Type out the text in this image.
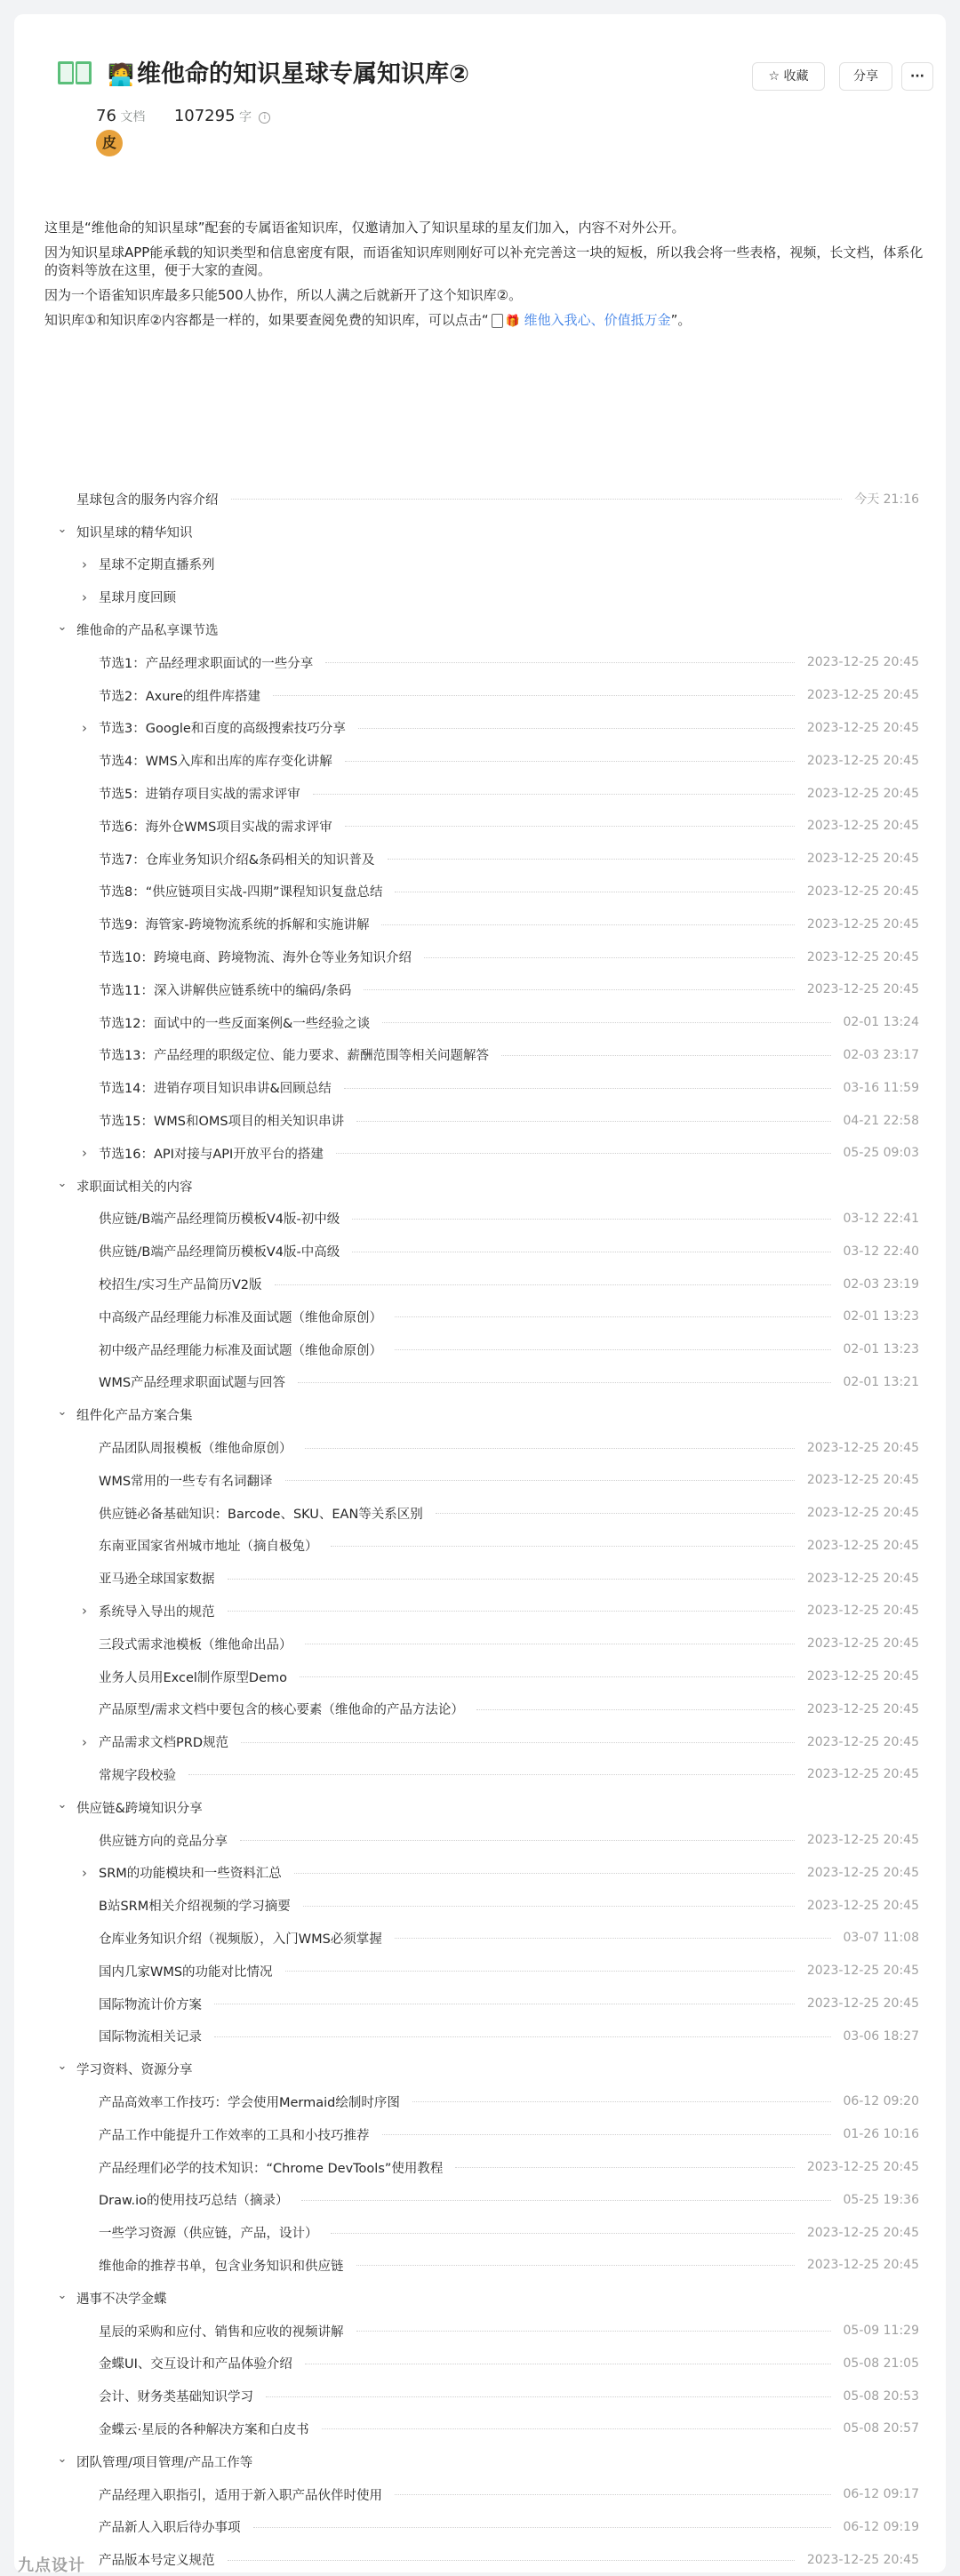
🧑‍💻 维他命的知识星球专属知识库②	☆ 收藏	分享	···
76 文档 107295 字 i
皮

这里是“维他命的知识星球”配套的专属语雀知识库，仅邀请加入了知识星球的星友们加入，内容不对外公开。

因为知识星球APP能承载的知识类型和信息密度有限，而语雀知识库则刚好可以补充完善这一块的短板，所以我会将一些表格，视频，长文档，体系化的资料等放在这里，便于大家的查阅。

因为一个语雀知识库最多只能500人协作，所以人满之后就新开了这个知识库②。

知识库①和知识库②内容都是一样的，如果要查阅免费的知识库，可以点击“ 🎁 维他入我心、价值抵万金”。

星球包含的服务内容介绍	今天 21:16
⌄ 知识星球的精华知识
› 星球不定期直播系列
› 星球月度回顾
⌄ 维他命的产品私享课节选
节选1：产品经理求职面试的一些分享	2023-12-25 20:45
节选2：Axure的组件库搭建	2023-12-25 20:45
› 节选3：Google和百度的高级搜索技巧分享	2023-12-25 20:45
节选4：WMS入库和出库的库存变化讲解	2023-12-25 20:45
节选5：进销存项目实战的需求评审	2023-12-25 20:45
节选6：海外仓WMS项目实战的需求评审	2023-12-25 20:45
节选7：仓库业务知识介绍&条码相关的知识普及	2023-12-25 20:45
节选8：“供应链项目实战-四期”课程知识复盘总结	2023-12-25 20:45
节选9：海管家-跨境物流系统的拆解和实施讲解	2023-12-25 20:45
节选10：跨境电商、跨境物流、海外仓等业务知识介绍	2023-12-25 20:45
节选11：深入讲解供应链系统中的编码/条码	2023-12-25 20:45
节选12：面试中的一些反面案例&一些经验之谈	02-01 13:24
节选13：产品经理的职级定位、能力要求、薪酬范围等相关问题解答	02-03 23:17
节选14：进销存项目知识串讲&回顾总结	03-16 11:59
节选15：WMS和OMS项目的相关知识串讲	04-21 22:58
› 节选16：API对接与API开放平台的搭建	05-25 09:03
⌄ 求职面试相关的内容
供应链/B端产品经理简历模板V4版-初中级	03-12 22:41
供应链/B端产品经理简历模板V4版-中高级	03-12 22:40
校招生/实习生产品简历V2版	02-03 23:19
中高级产品经理能力标准及面试题（维他命原创）	02-01 13:23
初中级产品经理能力标准及面试题（维他命原创）	02-01 13:23
WMS产品经理求职面试题与回答	02-01 13:21
⌄ 组件化产品方案合集
产品团队周报模板（维他命原创）	2023-12-25 20:45
WMS常用的一些专有名词翻译	2023-12-25 20:45
供应链必备基础知识：Barcode、SKU、EAN等关系区别	2023-12-25 20:45
东南亚国家省州城市地址（摘自极兔）	2023-12-25 20:45
亚马逊全球国家数据	2023-12-25 20:45
› 系统导入导出的规范	2023-12-25 20:45
三段式需求池模板（维他命出品）	2023-12-25 20:45
业务人员用Excel制作原型Demo	2023-12-25 20:45
产品原型/需求文档中要包含的核心要素（维他命的产品方法论）	2023-12-25 20:45
› 产品需求文档PRD规范	2023-12-25 20:45
常规字段校验	2023-12-25 20:45
⌄ 供应链&跨境知识分享
供应链方向的竞品分享	2023-12-25 20:45
› SRM的功能模块和一些资料汇总	2023-12-25 20:45
B站SRM相关介绍视频的学习摘要	2023-12-25 20:45
仓库业务知识介绍（视频版），入门WMS必须掌握	03-07 11:08
国内几家WMS的功能对比情况	2023-12-25 20:45
国际物流计价方案	2023-12-25 20:45
国际物流相关记录	03-06 18:27
⌄ 学习资料、资源分享
产品高效率工作技巧：学会使用Mermaid绘制时序图	06-12 09:20
产品工作中能提升工作效率的工具和小技巧推荐	01-26 10:16
产品经理们必学的技术知识：“Chrome DevTools”使用教程	2023-12-25 20:45
Draw.io的使用技巧总结（摘录）	05-25 19:36
一些学习资源（供应链，产品，设计）	2023-12-25 20:45
维他命的推荐书单，包含业务知识和供应链	2023-12-25 20:45
⌄ 遇事不决学金蝶
星辰的采购和应付、销售和应收的视频讲解	05-09 11:29
金蝶UI、交互设计和产品体验介绍	05-08 21:05
会计、财务类基础知识学习	05-08 20:53
金蝶云·星辰的各种解决方案和白皮书	05-08 20:57
⌄ 团队管理/项目管理/产品工作等
产品经理入职指引，适用于新入职产品伙伴时使用	06-12 09:17
产品新人入职后待办事项	06-12 09:19
产品版本号定义规范	2023-12-25 20:45
九点设计
